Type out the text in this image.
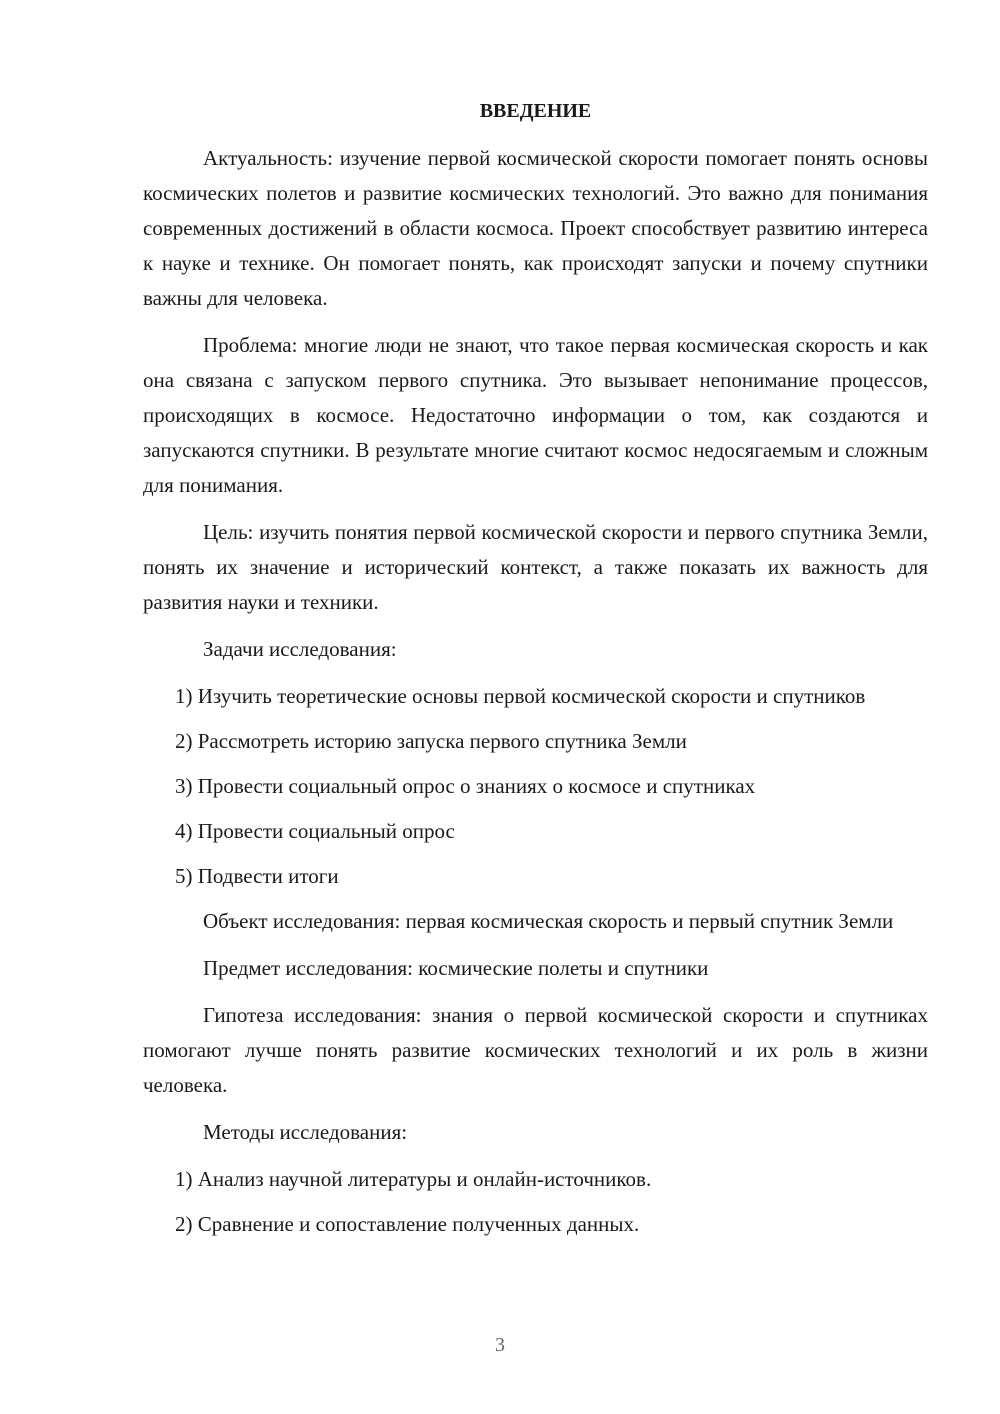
ВВЕДЕНИЕ

Актуальность: изучение первой космической скорости помогает понять основы космических полетов и развитие космических технологий. Это важно для понимания современных достижений в области космоса. Проект способствует развитию интереса к науке и технике. Он помогает понять, как происходят запуски и почему спутники важны для человека.

Проблема: многие люди не знают, что такое первая космическая скорость и как она связана с запуском первого спутника. Это вызывает непонимание процессов, происходящих в космосе. Недостаточно информации о том, как создаются и запускаются спутники. В результате многие считают космос недосягаемым и сложным для понимания.

Цель: изучить понятия первой космической скорости и первого спутника Земли, понять их значение и исторический контекст, а также показать их важность для развития науки и техники.

Задачи исследования:

1) Изучить теоретические основы первой космической скорости и спутников

2) Рассмотреть историю запуска первого спутника Земли

3) Провести социальный опрос о знаниях о космосе и спутниках

4) Провести социальный опрос

5) Подвести итоги

Объект исследования: первая космическая скорость и первый спутник Земли

Предмет исследования: космические полеты и спутники

Гипотеза исследования: знания о первой космической скорости и спутниках помогают лучше понять развитие космических технологий и их роль в жизни человека.

Методы исследования:

1) Анализ научной литературы и онлайн-источников.

2) Сравнение и сопоставление полученных данных.

3
